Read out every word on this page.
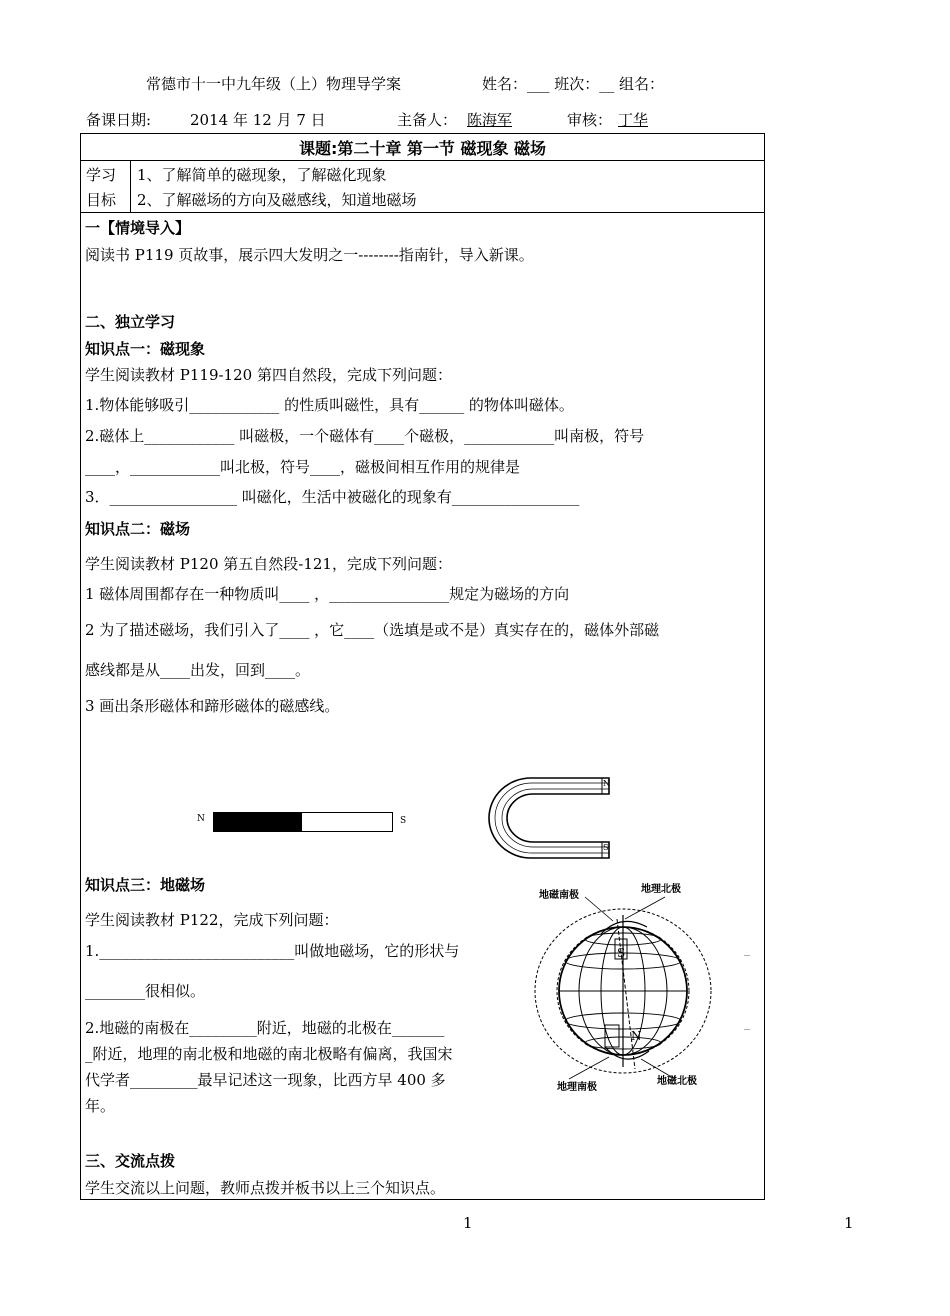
常德市十一中九年级（上）物理导学案	姓名：___ 班次：__ 组名：
备课日期:	2014 年 12 月 7 日	主备人： 陈海军	审核： 丁华
课题:第二十章 第一节 磁现象 磁场
学习
目标
1、了解简单的磁现象，了解磁化现象
2、了解磁场的方向及磁感线，知道地磁场
一【情境导入】
阅读书 P119 页故事，展示四大发明之一--------指南针，导入新课。
二、独立学习
知识点一：磁现象
学生阅读教材 P119-120 第四自然段，完成下列问题：
1.物体能够吸引____________ 的性质叫磁性，具有______ 的物体叫磁体。
2.磁体上____________ 叫磁极，一个磁体有____个磁极，____________叫南极，符号
____，____________叫北极，符号____，磁极间相互作用的规律是
3．_________________ 叫磁化，生活中被磁化的现象有_________________
知识点二：磁场
学生阅读教材 P120 第五自然段-121，完成下列问题：
1 磁体周围都存在一种物质叫____ ，________________规定为磁场的方向
2 为了描述磁场，我们引入了____ ，它____（选填是或不是）真实存在的，磁体外部磁
感线都是从____出发，回到____。
3 画出条形磁体和蹄形磁体的磁感线。
N	S
N
S
知识点三：地磁场
学生阅读教材 P122，完成下列问题：
1.__________________________叫做地磁场，它的形状与
________很相似。
2.地磁的南极在_________附近，地磁的北极在_______
_附近，地理的南北极和地磁的南北极略有偏离，我国宋
代学者_________最早记述这一现象，比西方早 400 多
年。
地磁南极
地理北极
地理南极
地磁北极
S
N
_
_
三、交流点拨
学生交流以上问题，教师点拨并板书以上三个知识点。
1	1
